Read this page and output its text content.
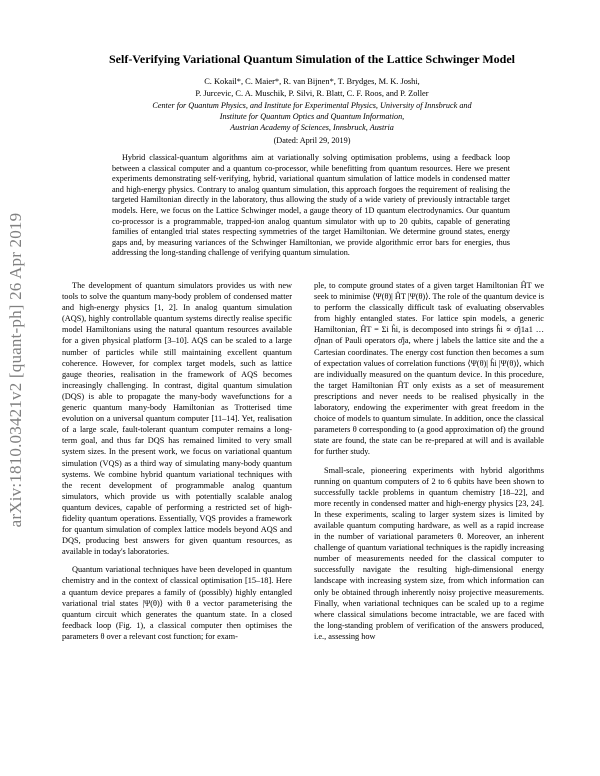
arXiv:1810.03421v2 [quant-ph] 26 Apr 2019
Self-Verifying Variational Quantum Simulation of the Lattice Schwinger Model
C. Kokail*, C. Maier*, R. van Bijnen*, T. Brydges, M. K. Joshi,
P. Jurcevic, C. A. Muschik, P. Silvi, R. Blatt, C. F. Roos, and P. Zoller
Center for Quantum Physics, and Institute for Experimental Physics, University of Innsbruck and
Institute for Quantum Optics and Quantum Information,
Austrian Academy of Sciences, Innsbruck, Austria
(Dated: April 29, 2019)

Hybrid classical-quantum algorithms aim at variationally solving optimisation problems, using a feedback loop between a classical computer and a quantum co-processor, while benefitting from quantum resources. Here we present experiments demonstrating self-verifying, hybrid, variational quantum simulation of lattice models in condensed matter and high-energy physics. Contrary to analog quantum simulation, this approach forgoes the requirement of realising the targeted Hamiltonian directly in the laboratory, thus allowing the study of a wide variety of previously intractable target models. Here, we focus on the Lattice Schwinger model, a gauge theory of 1D quantum electrodynamics. Our quantum co-processor is a programmable, trapped-ion analog quantum simulator with up to 20 qubits, capable of generating families of entangled trial states respecting symmetries of the target Hamiltonian. We determine ground states, energy gaps and, by measuring variances of the Schwinger Hamiltonian, we provide algorithmic error bars for energies, thus addressing the long-standing challenge of verifying quantum simulation.

The development of quantum simulators provides us with new tools to solve the quantum many-body problem of condensed matter and high-energy physics [1, 2]. In analog quantum simulation (AQS), highly controllable quantum systems directly realise specific model Hamiltonians using the natural quantum resources available for a given physical platform [3–10]. AQS can be scaled to a large number of particles while still maintaining excellent quantum coherence. However, for complex target models, such as lattice gauge theories, realisation in the framework of AQS becomes increasingly challenging. In contrast, digital quantum simulation (DQS) is able to propagate the many-body wavefunctions for a generic quantum many-body Hamiltonian as Trotterised time evolution on a universal quantum computer [11–14]. Yet, realisation of a large scale, fault-tolerant quantum computer remains a long-term goal, and thus far DQS has remained limited to very small system sizes. In the present work, we focus on variational quantum simulation (VQS) as a third way of simulating many-body quantum systems. We combine hybrid quantum variational techniques with the recent development of programmable analog quantum simulators, which provide us with potentially scalable analog quantum devices, capable of performing a restricted set of high-fidelity quantum operations. Essentially, VQS provides a framework for quantum simulation of complex lattice models beyond AQS and DQS, producing best answers for given quantum resources, as available in today's laboratories.

Quantum variational techniques have been developed in quantum chemistry and in the context of classical optimisation [15–18]. Here a quantum device prepares a family of (possibly) highly entangled variational trial states |Ψ(θ)⟩ with θ a vector parameterising the quantum circuit which generates the quantum state. In a closed feedback loop (Fig. 1), a classical computer then optimises the parameters θ over a relevant cost function; for exam-

ple, to compute ground states of a given target Hamiltonian ĤT we seek to minimise ⟨Ψ(θ)| ĤT |Ψ(θ)⟩. The role of the quantum device is to perform the classically difficult task of evaluating observables from highly entangled states. For lattice spin models, a generic Hamiltonian, ĤT = Σi ĥi, is decomposed into strings ĥi ∝ σ̂j1a1 … σ̂jnan of Pauli operators σ̂ja, where j labels the lattice site and the a Cartesian coordinates. The energy cost function then becomes a sum of expectation values of correlation functions ⟨Ψ(θ)| ĥi |Ψ(θ)⟩, which are individually measured on the quantum device. In this procedure, the target Hamiltonian ĤT only exists as a set of measurement prescriptions and never needs to be realised physically in the laboratory, endowing the experimenter with great freedom in the choice of models to quantum simulate. In addition, once the classical parameters θ corresponding to (a good approximation of) the ground state are found, the state can be re-prepared at will and is available for further study.

Small-scale, pioneering experiments with hybrid algorithms running on quantum computers of 2 to 6 qubits have been shown to successfully tackle problems in quantum chemistry [18–22], and more recently in condensed matter and high-energy physics [23, 24]. In these experiments, scaling to larger system sizes is limited by available quantum computing hardware, as well as a rapid increase in the number of variational parameters θ. Moreover, an inherent challenge of quantum variational techniques is the rapidly increasing number of measurements needed for the classical computer to successfully navigate the resulting high-dimensional energy landscape with increasing system size, from which information can only be obtained through inherently noisy projective measurements. Finally, when variational techniques can be scaled up to a regime where classical simulations become intractable, we are faced with the long-standing problem of verification of the answers produced, i.e., assessing how
